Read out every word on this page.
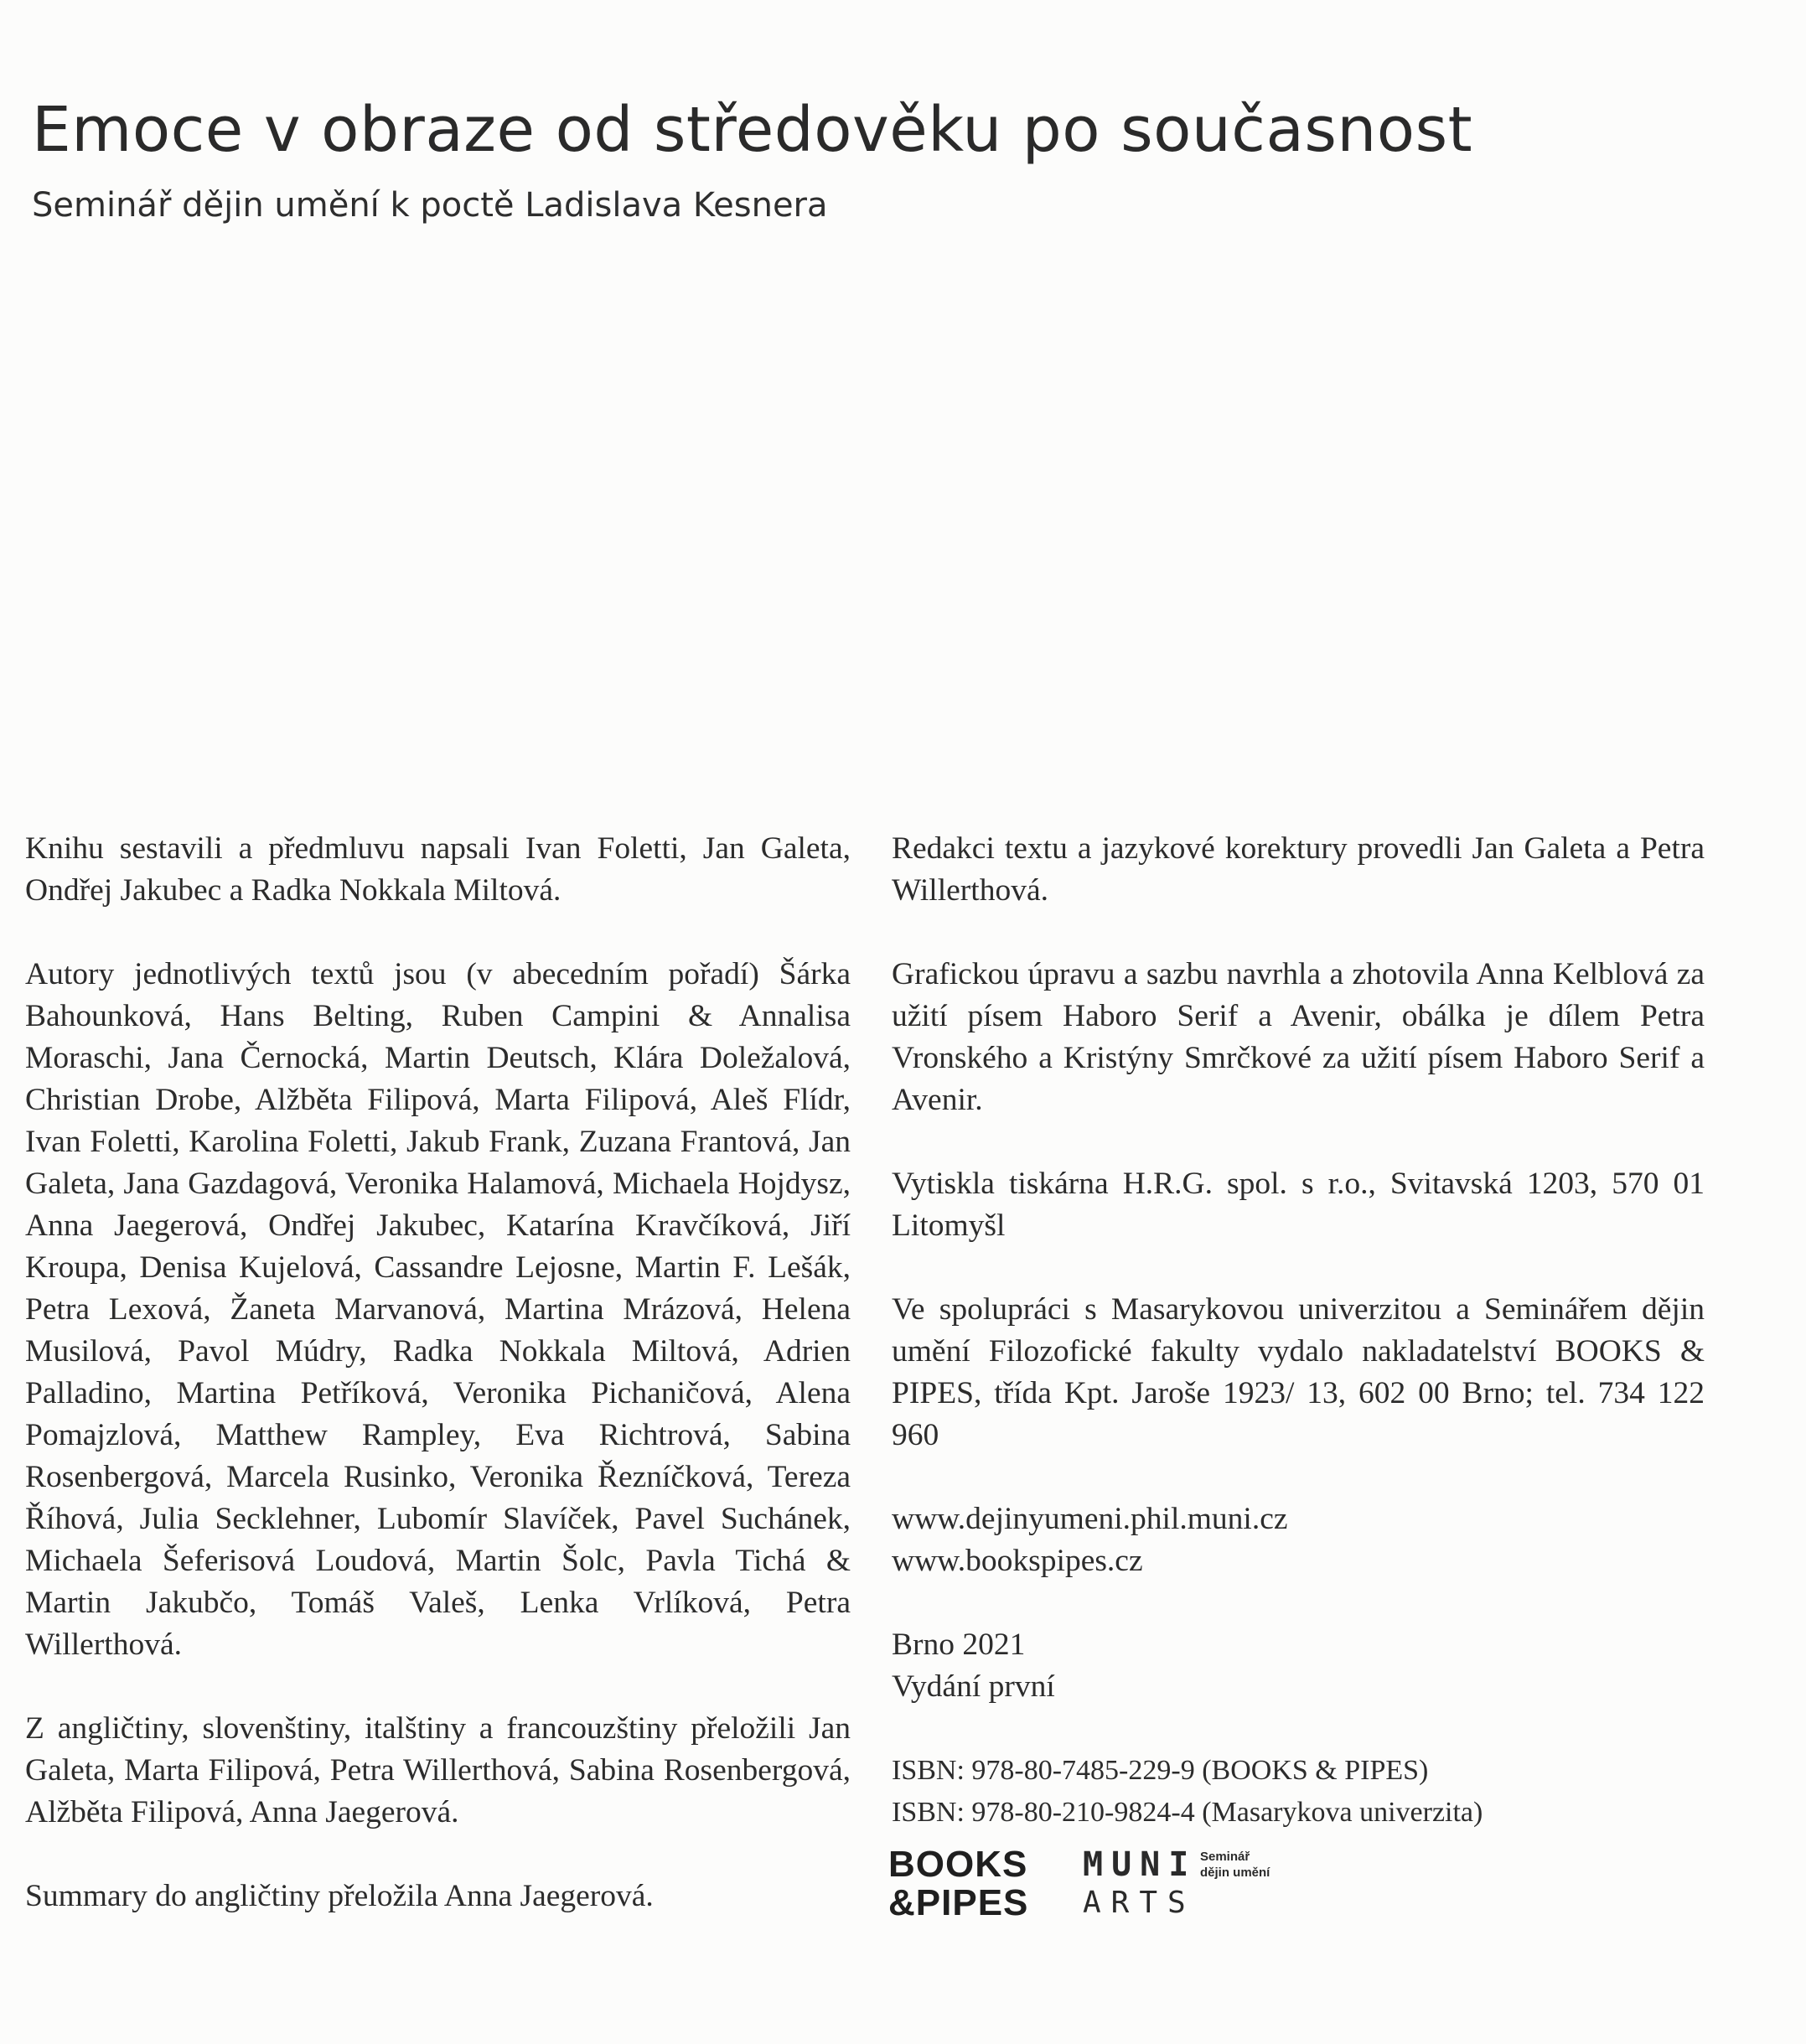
Emoce v obraze od středověku po současnost
Seminář dějin umění k poctě Ladislava Kesnera

Knihu sestavili a předmluvu napsali Ivan Foletti, Jan Galeta, Ondřej Jakubec a Radka Nokkala Miltová.

Autory jednotlivých textů jsou (v abecedním pořadí) Šárka Bahounková, Hans Belting, Ruben Campini & Annalisa Moraschi, Jana Černocká, Martin Deutsch, Klára Doležalová, Christian Drobe, Alžběta Filipová, Marta Filipová, Aleš Flídr, Ivan Foletti, Karolina Foletti, Jakub Frank, Zuzana Frantová, Jan Galeta, Jana Gazdagová, Veronika Halamová, Michaela Hojdysz, Anna Jaegerová, Ondřej Jakubec, Katarína Kravčíková, Jiří Kroupa, Denisa Kujelová, Cassandre Lejosne, Martin F. Lešák, Petra Lexová, Žaneta Marvanová, Martina Mrázová, Helena Musilová, Pavol Múdry, Radka Nokkala Miltová, Adrien Palladino, Martina Petříková, Veronika Pichaničová, Alena Pomajzlová, Matthew Rampley, Eva Richtrová, Sabina Rosenbergová, Marcela Rusinko, Veronika Řezníčková, Tereza Říhová, Julia Secklehner, Lubomír Slavíček, Pavel Suchánek, Michaela Šeferisová Loudová, Martin Šolc, Pavla Tichá & Martin Jakubčo, Tomáš Valeš, Lenka Vrlíková, Petra Willerthová.

Z angličtiny, slovenštiny, italštiny a francouzštiny přeložili Jan Galeta, Marta Filipová, Petra Willerthová, Sabina Rosenbergová, Alžběta Filipová, Anna Jaegerová.

Summary do angličtiny přeložila Anna Jaegerová.

Redakci textu a jazykové korektury provedli Jan Galeta a Petra Willerthová.

Grafickou úpravu a sazbu navrhla a zhotovila Anna Kelblová za užití písem Haboro Serif a Avenir, obálka je dílem Petra Vronského a Kristýny Smrčkové za užití písem Haboro Serif a Avenir.

Vytiskla tiskárna H.R.G. spol. s r.o., Svitavská 1203, 570 01 Litomyšl

Ve spolupráci s Masarykovou univerzitou a Seminářem dějin umění Filozofické fakulty vydalo nakladatelství BOOKS & PIPES, třída Kpt. Jaroše 1923/ 13, 602 00 Brno; tel. 734 122 960

www.dejinyumeni.phil.muni.cz

www.bookspipes.cz

Brno 2021

Vydání první

ISBN: 978-80-7485-229-9 (BOOKS & PIPES)

ISBN: 978-80-210-9824-4 (Masarykova univerzita)

BOOKS
&PIPES
MUNI
ARTS
Seminář
dějin umění
